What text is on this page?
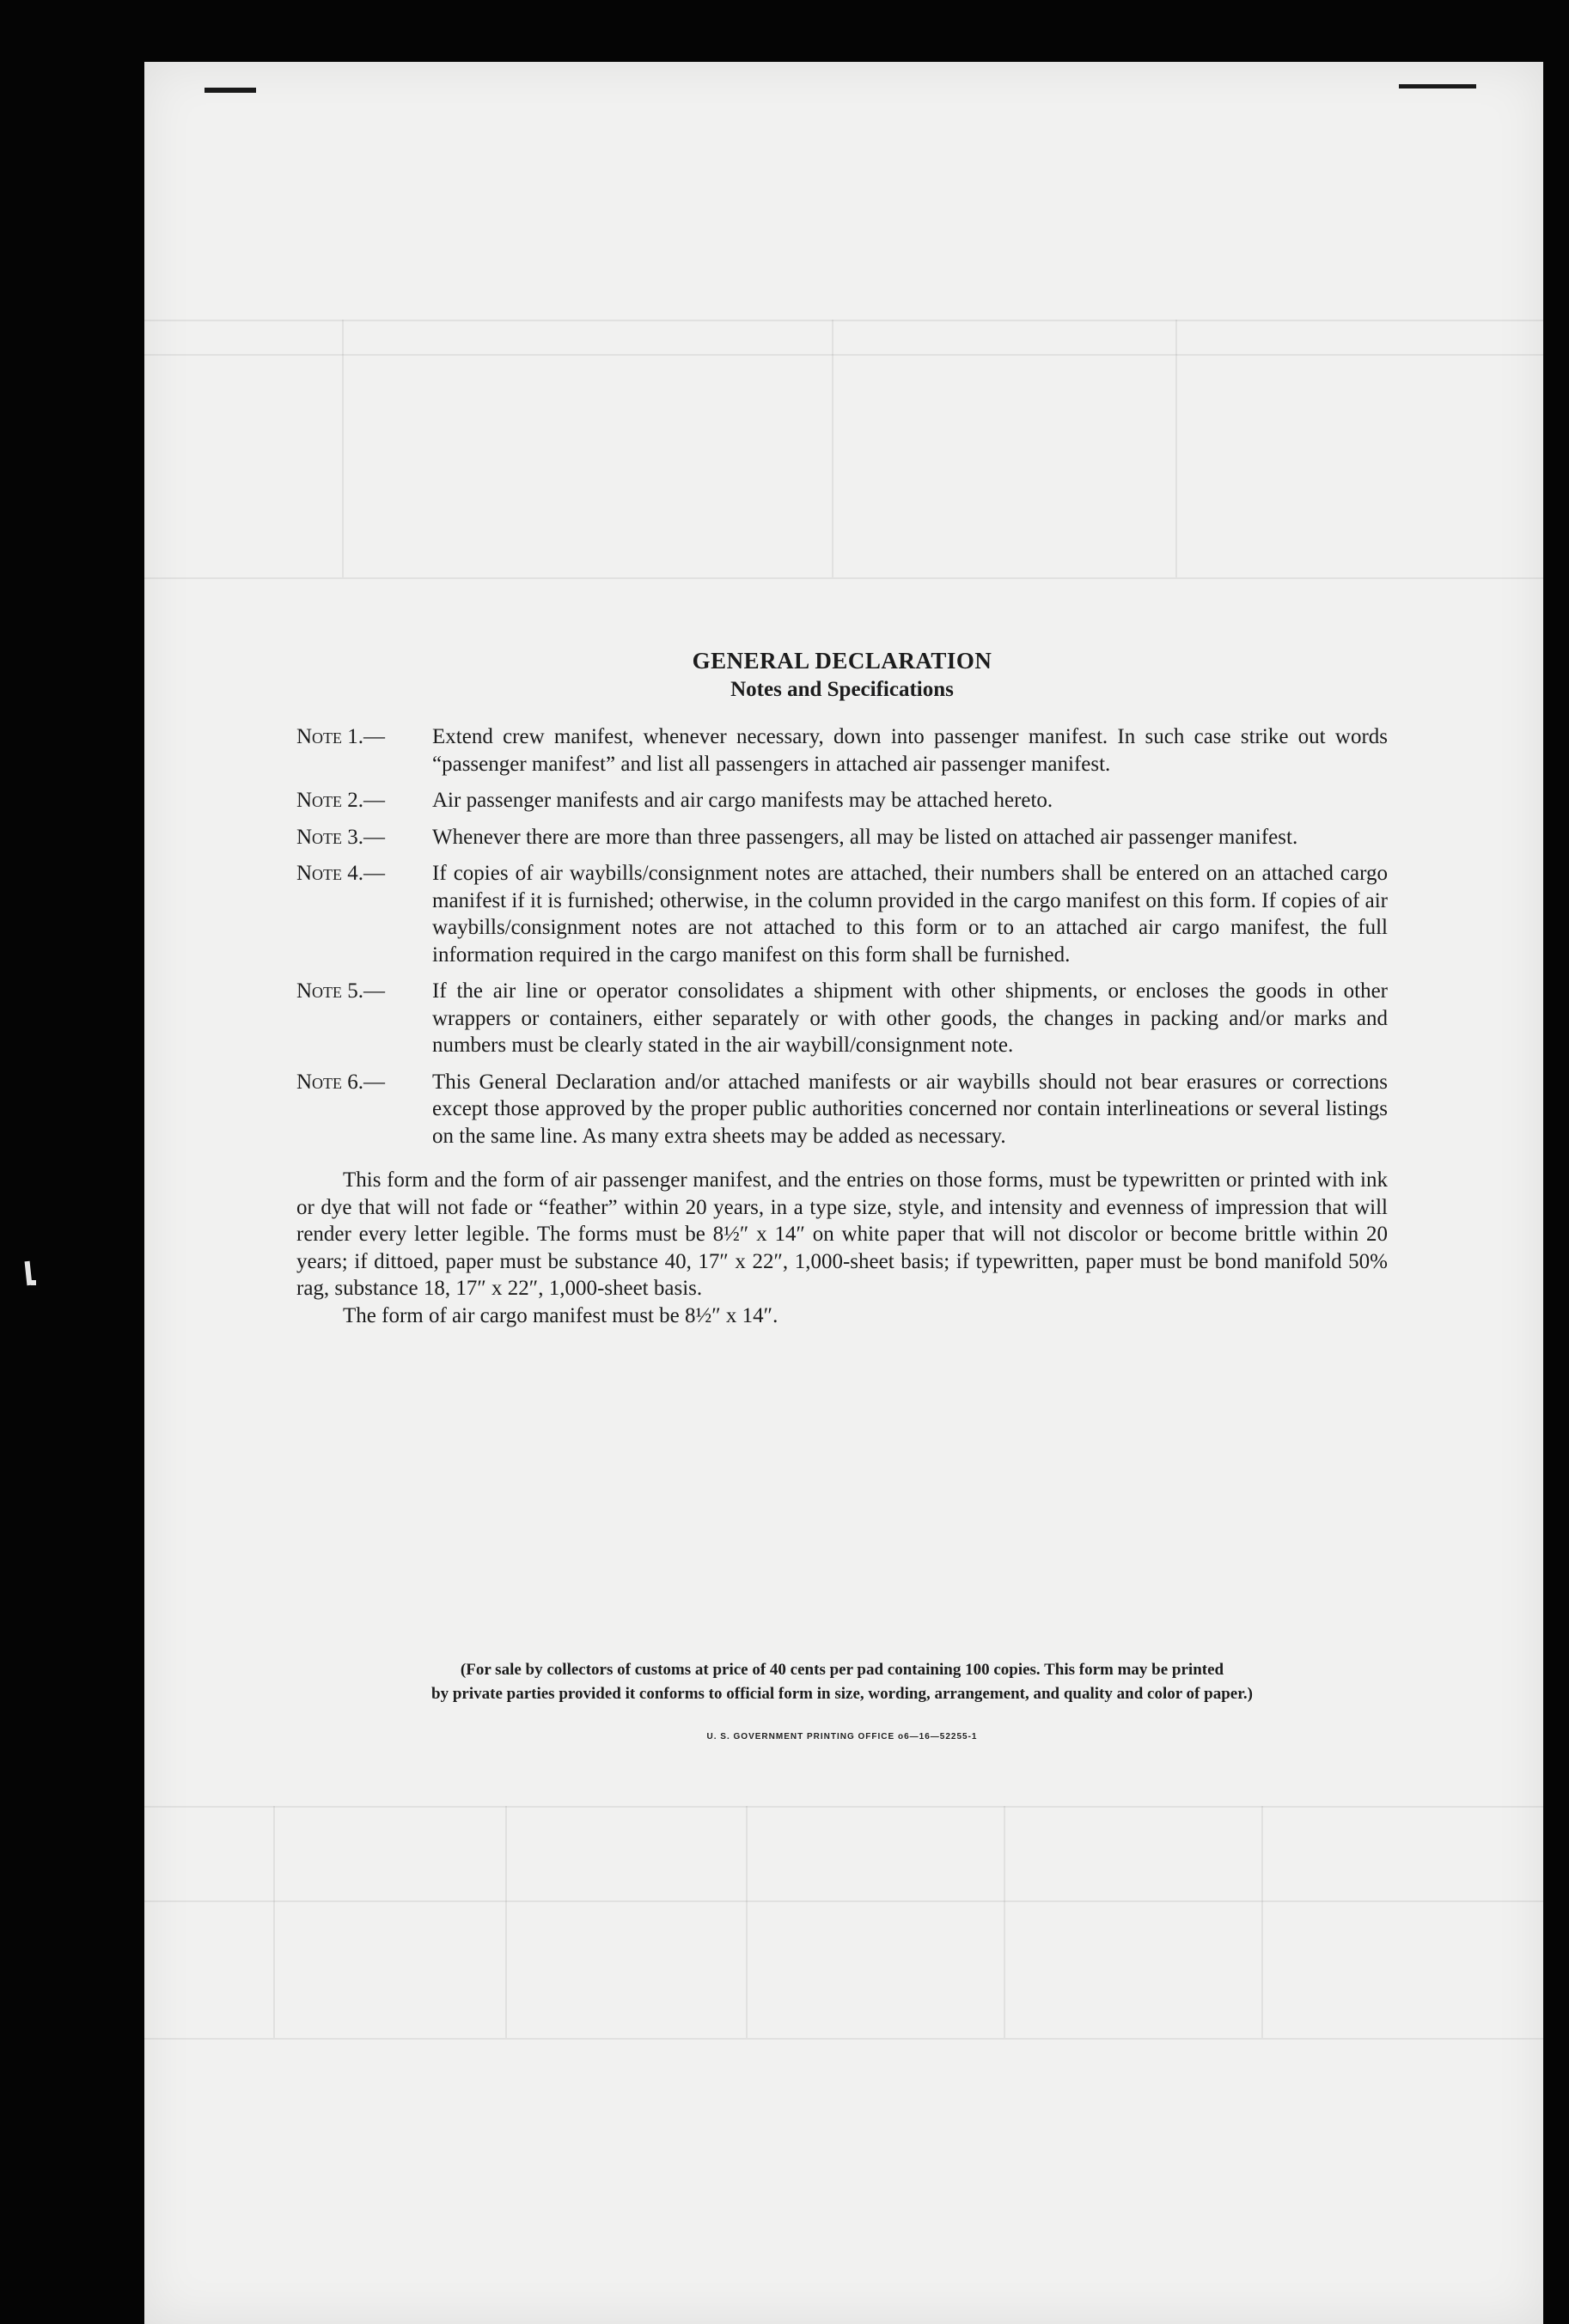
GENERAL DECLARATION
Notes and Specifications
Note 1.— Extend crew manifest, whenever necessary, down into passenger manifest. In such case strike out words “passenger manifest” and list all passengers in attached air passenger manifest.
Note 2.— Air passenger manifests and air cargo manifests may be attached hereto.
Note 3.— Whenever there are more than three passengers, all may be listed on attached air passenger manifest.
Note 4.— If copies of air waybills/consignment notes are attached, their numbers shall be entered on an attached cargo manifest if it is furnished; otherwise, in the column provided in the cargo manifest on this form. If copies of air waybills/consignment notes are not attached to this form or to an attached air cargo manifest, the full information required in the cargo manifest on this form shall be furnished.
Note 5.— If the air line or operator consolidates a shipment with other shipments, or encloses the goods in other wrappers or containers, either separately or with other goods, the changes in packing and/or marks and numbers must be clearly stated in the air waybill/consignment note.
Note 6.— This General Declaration and/or attached manifests or air waybills should not bear erasures or corrections except those approved by the proper public authorities concerned nor contain interlineations or several listings on the same line. As many extra sheets may be added as necessary.
This form and the form of air passenger manifest, and the entries on those forms, must be typewritten or printed with ink or dye that will not fade or “feather” within 20 years, in a type size, style, and intensity and evenness of impression that will render every letter legible. The forms must be 8½″ x 14″ on white paper that will not discolor or become brittle within 20 years; if dittoed, paper must be substance 40, 17″ x 22″, 1,000-sheet basis; if typewritten, paper must be bond manifold 50% rag, substance 18, 17″ x 22″, 1,000-sheet basis.
The form of air cargo manifest must be 8½″ x 14″.
(For sale by collectors of customs at price of 40 cents per pad containing 100 copies. This form may be printed
by private parties provided it conforms to official form in size, wording, arrangement, and quality and color of paper.)
U. S. GOVERNMENT PRINTING OFFICE o6—16—52255-1
